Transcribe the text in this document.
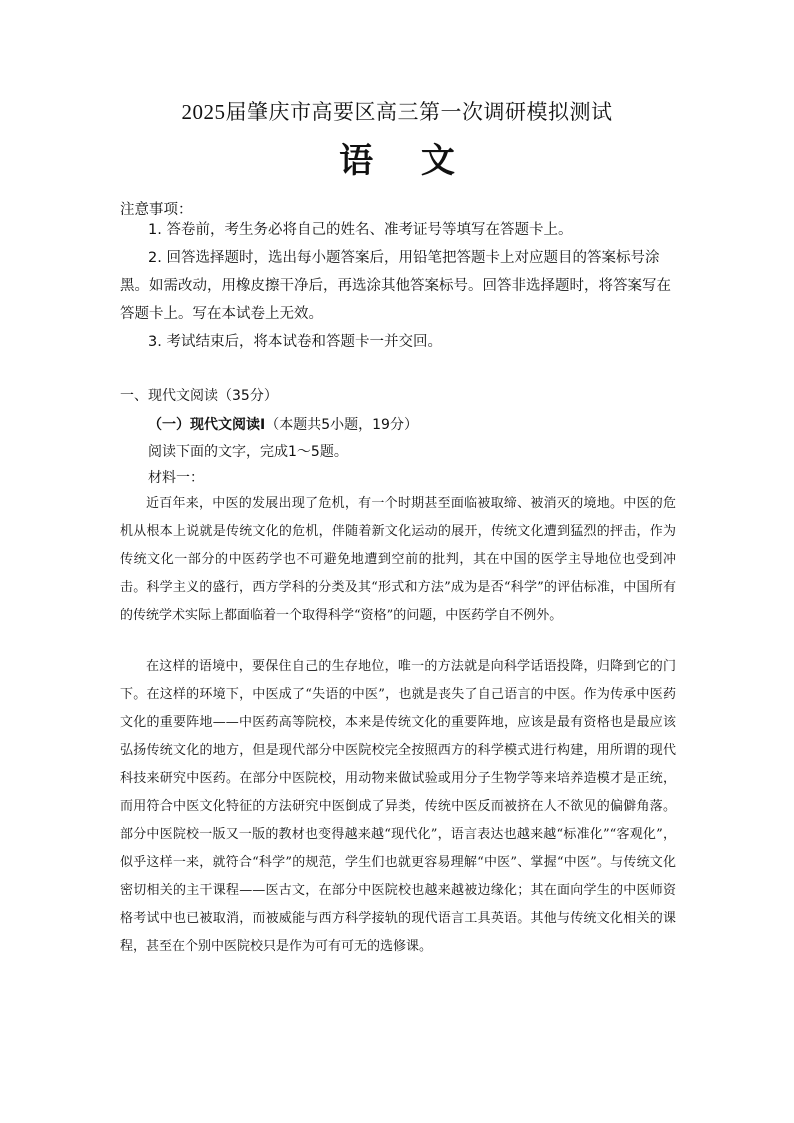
2025届肇庆市高要区高三第一次调研模拟测试
语 文
注意事项：

1. 答卷前，考生务必将自己的姓名、准考证号等填写在答题卡上。

2. 回答选择题时，选出每小题答案后，用铅笔把答题卡上对应题目的答案标号涂黑。如需改动，用橡皮擦干净后，再选涂其他答案标号。回答非选择题时，将答案写在答题卡上。写在本试卷上无效。

3. 考试结束后，将本试卷和答题卡一并交回。

一、现代文阅读（35分）
（一）现代文阅读Ⅰ（本题共5小题，19分）
阅读下面的文字，完成1～5题。
材料一：

近百年来，中医的发展出现了危机，有一个时期甚至面临被取缔、被消灭的境地。中医的危机从根本上说就是传统文化的危机，伴随着新文化运动的展开，传统文化遭到猛烈的抨击，作为传统文化一部分的中医药学也不可避免地遭到空前的批判，其在中国的医学主导地位也受到冲击。科学主义的盛行，西方学科的分类及其“形式和方法”成为是否“科学”的评估标准，中国所有的传统学术实际上都面临着一个取得科学“资格”的问题，中医药学自不例外。

在这样的语境中，要保住自己的生存地位，唯一的方法就是向科学话语投降，归降到它的门下。在这样的环境下，中医成了“失语的中医”，也就是丧失了自己语言的中医。作为传承中医药文化的重要阵地——中医药高等院校，本来是传统文化的重要阵地，应该是最有资格也是最应该弘扬传统文化的地方，但是现代部分中医院校完全按照西方的科学模式进行构建，用所谓的现代科技来研究中医药。在部分中医院校，用动物来做试验或用分子生物学等来培养造模才是正统，而用符合中医文化特征的方法研究中医倒成了异类，传统中医反而被挤在人不欲见的偏僻角落。部分中医院校一版又一版的教材也变得越来越“现代化”，语言表达也越来越“标准化”“客观化”，似乎这样一来，就符合“科学”的规范，学生们也就更容易理解“中医”、掌握“中医”。与传统文化密切相关的主干课程——医古文，在部分中医院校也越来越被边缘化；其在面向学生的中医师资格考试中也已被取消，而被威能与西方科学接轨的现代语言工具英语。其他与传统文化相关的课程，甚至在个别中医院校只是作为可有可无的选修课。
